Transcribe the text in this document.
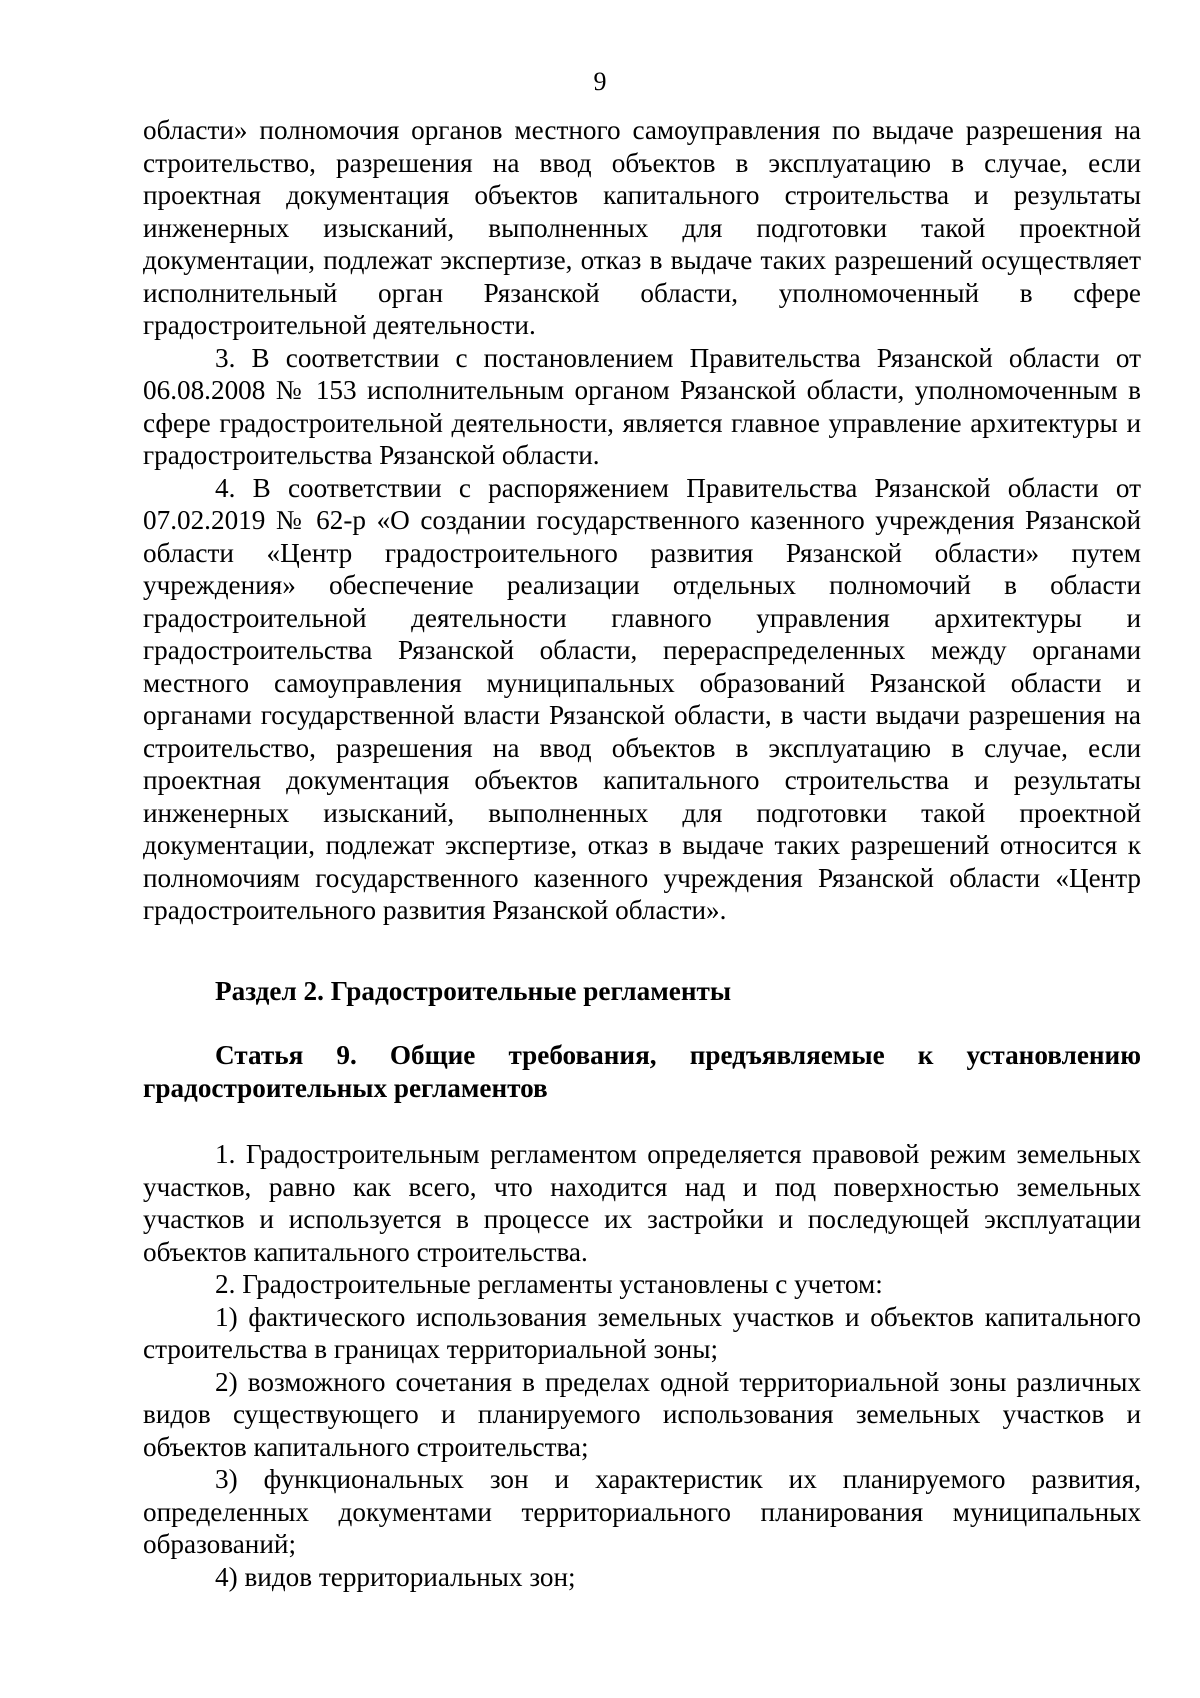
9

области» полномочия органов местного самоуправления по выдаче разрешения на строительство, разрешения на ввод объектов в эксплуатацию в случае, если проектная документация объектов капитального строительства и результаты инженерных изысканий, выполненных для подготовки такой проектной документации, подлежат экспертизе, отказ в выдаче таких разрешений осуществляет исполнительный орган Рязанской области, уполномоченный в сфере градостроительной деятельности.

3. В соответствии с постановлением Правительства Рязанской области от 06.08.2008 № 153 исполнительным органом Рязанской области, уполномоченным в сфере градостроительной деятельности, является главное управление архитектуры и градостроительства Рязанской области.

4. В соответствии с распоряжением Правительства Рязанской области от 07.02.2019 № 62-р «О создании государственного казенного учреждения Рязанской области «Центр градостроительного развития Рязанской области» путем учреждения» обеспечение реализации отдельных полномочий в области градостроительной деятельности главного управления архитектуры и градостроительства Рязанской области, перераспределенных между органами местного самоуправления муниципальных образований Рязанской области и органами государственной власти Рязанской области, в части выдачи разрешения на строительство, разрешения на ввод объектов в эксплуатацию в случае, если проектная документация объектов капитального строительства и результаты инженерных изысканий, выполненных для подготовки такой проектной документации, подлежат экспертизе, отказ в выдаче таких разрешений относится к полномочиям государственного казенного учреждения Рязанской области «Центр градостроительного развития Рязанской области».

Раздел 2. Градостроительные регламенты

Статья 9. Общие требования, предъявляемые к установлению градостроительных регламентов

1. Градостроительным регламентом определяется правовой режим земельных участков, равно как всего, что находится над и под поверхностью земельных участков и используется в процессе их застройки и последующей эксплуатации объектов капитального строительства.

2. Градостроительные регламенты установлены с учетом:

1) фактического использования земельных участков и объектов капитального строительства в границах территориальной зоны;

2) возможного сочетания в пределах одной территориальной зоны различных видов существующего и планируемого использования земельных участков и объектов капитального строительства;

3) функциональных зон и характеристик их планируемого развития, определенных документами территориального планирования муниципальных образований;

4) видов территориальных зон;
